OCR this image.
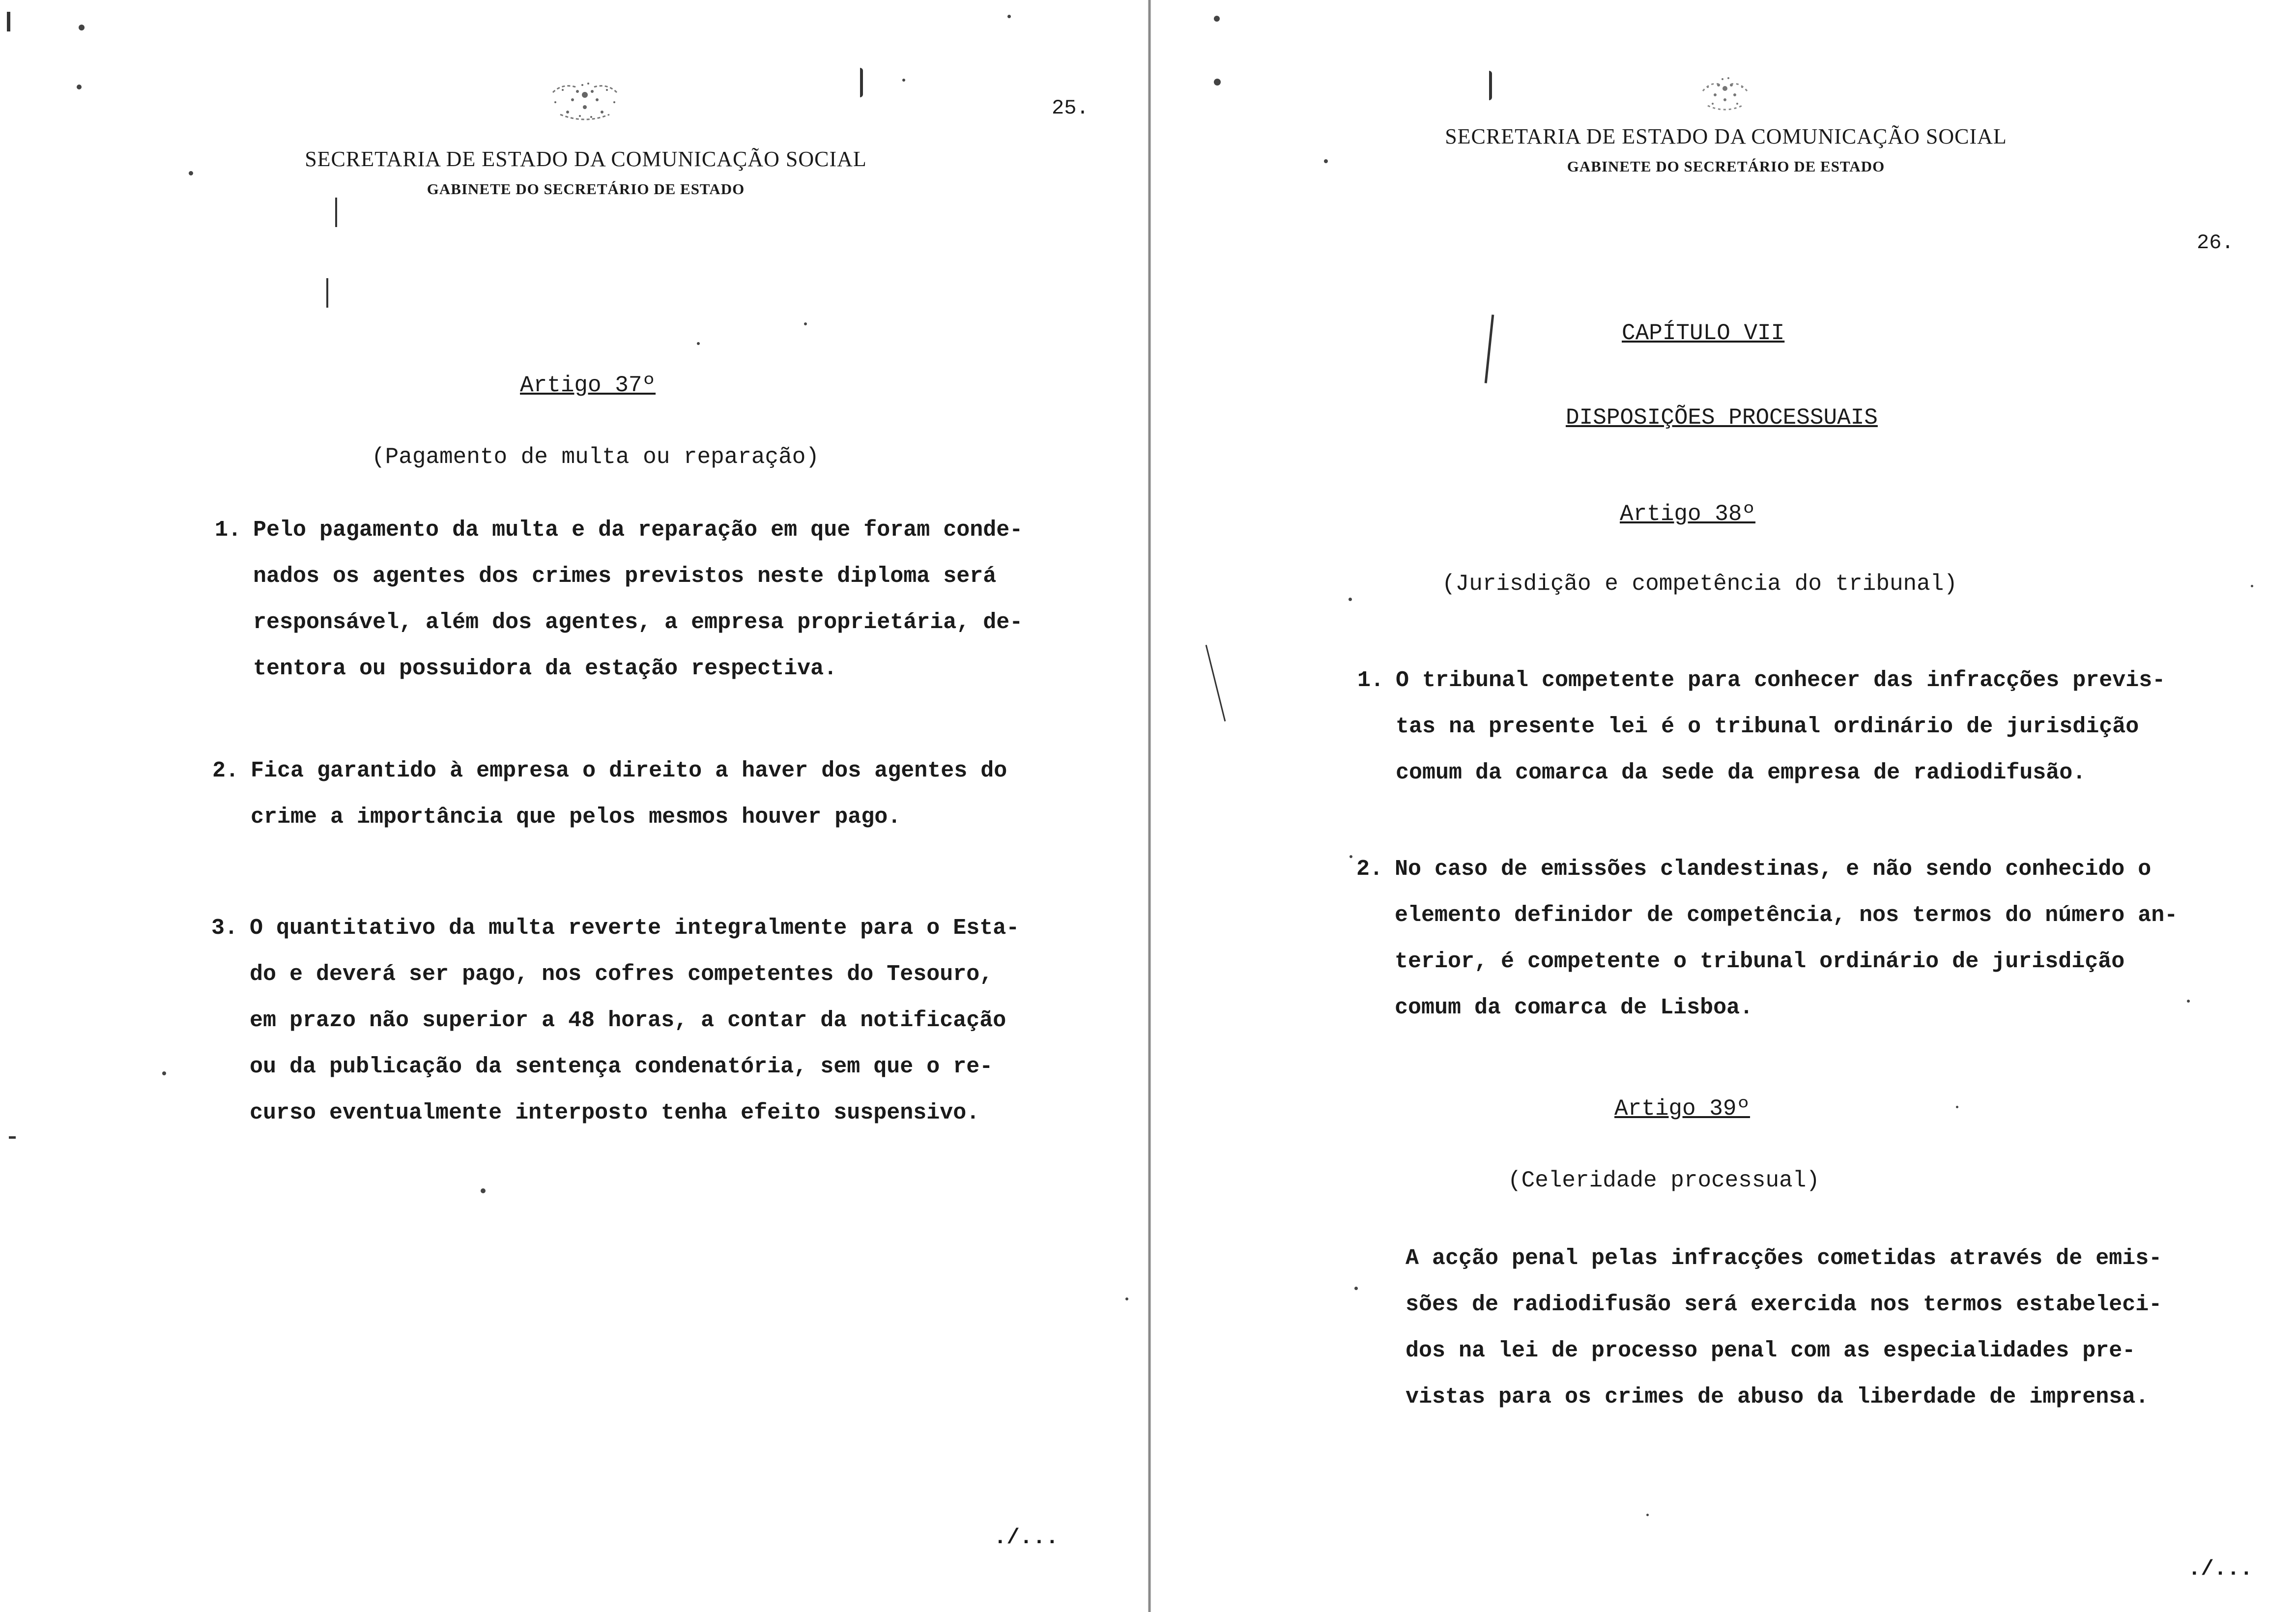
SECRETARIA DE ESTADO DA COMUNICAÇÃO SOCIAL
GABINETE DO SECRETÁRIO DE ESTADO
25.
Artigo 37º
(Pagamento de multa ou reparação)
1. Pelo pagamento da multa e da reparação em que foram conde-
nados os agentes dos crimes previstos neste diploma será
responsável, além dos agentes, a empresa proprietária, de-
tentora ou possuidora da estação respectiva.
2. Fica garantido à empresa o direito a haver dos agentes do
crime a importância que pelos mesmos houver pago.
3. O quantitativo da multa reverte integralmente para o Esta-
do e deverá ser pago, nos cofres competentes do Tesouro,
em prazo não superior a 48 horas, a contar da notificação
ou da publicação da sentença condenatória, sem que o re-
curso eventualmente interposto tenha efeito suspensivo.
./...
SECRETARIA DE ESTADO DA COMUNICAÇÃO SOCIAL
GABINETE DO SECRETÁRIO DE ESTADO
26.
CAPÍTULO VII
DISPOSIÇÕES PROCESSUAIS
Artigo 38º
(Jurisdição e competência do tribunal)
1. O tribunal competente para conhecer das infracções previs-
tas na presente lei é o tribunal ordinário de jurisdição
comum da comarca da sede da empresa de radiodifusão.
2. No caso de emissões clandestinas, e não sendo conhecido o
elemento definidor de competência, nos termos do número an-
terior, é competente o tribunal ordinário de jurisdição
comum da comarca de Lisboa.
Artigo 39º
(Celeridade processual)
A acção penal pelas infracções cometidas através de emis-
sões de radiodifusão será exercida nos termos estabeleci-
dos na lei de processo penal com as especialidades pre-
vistas para os crimes de abuso da liberdade de imprensa.
./...
